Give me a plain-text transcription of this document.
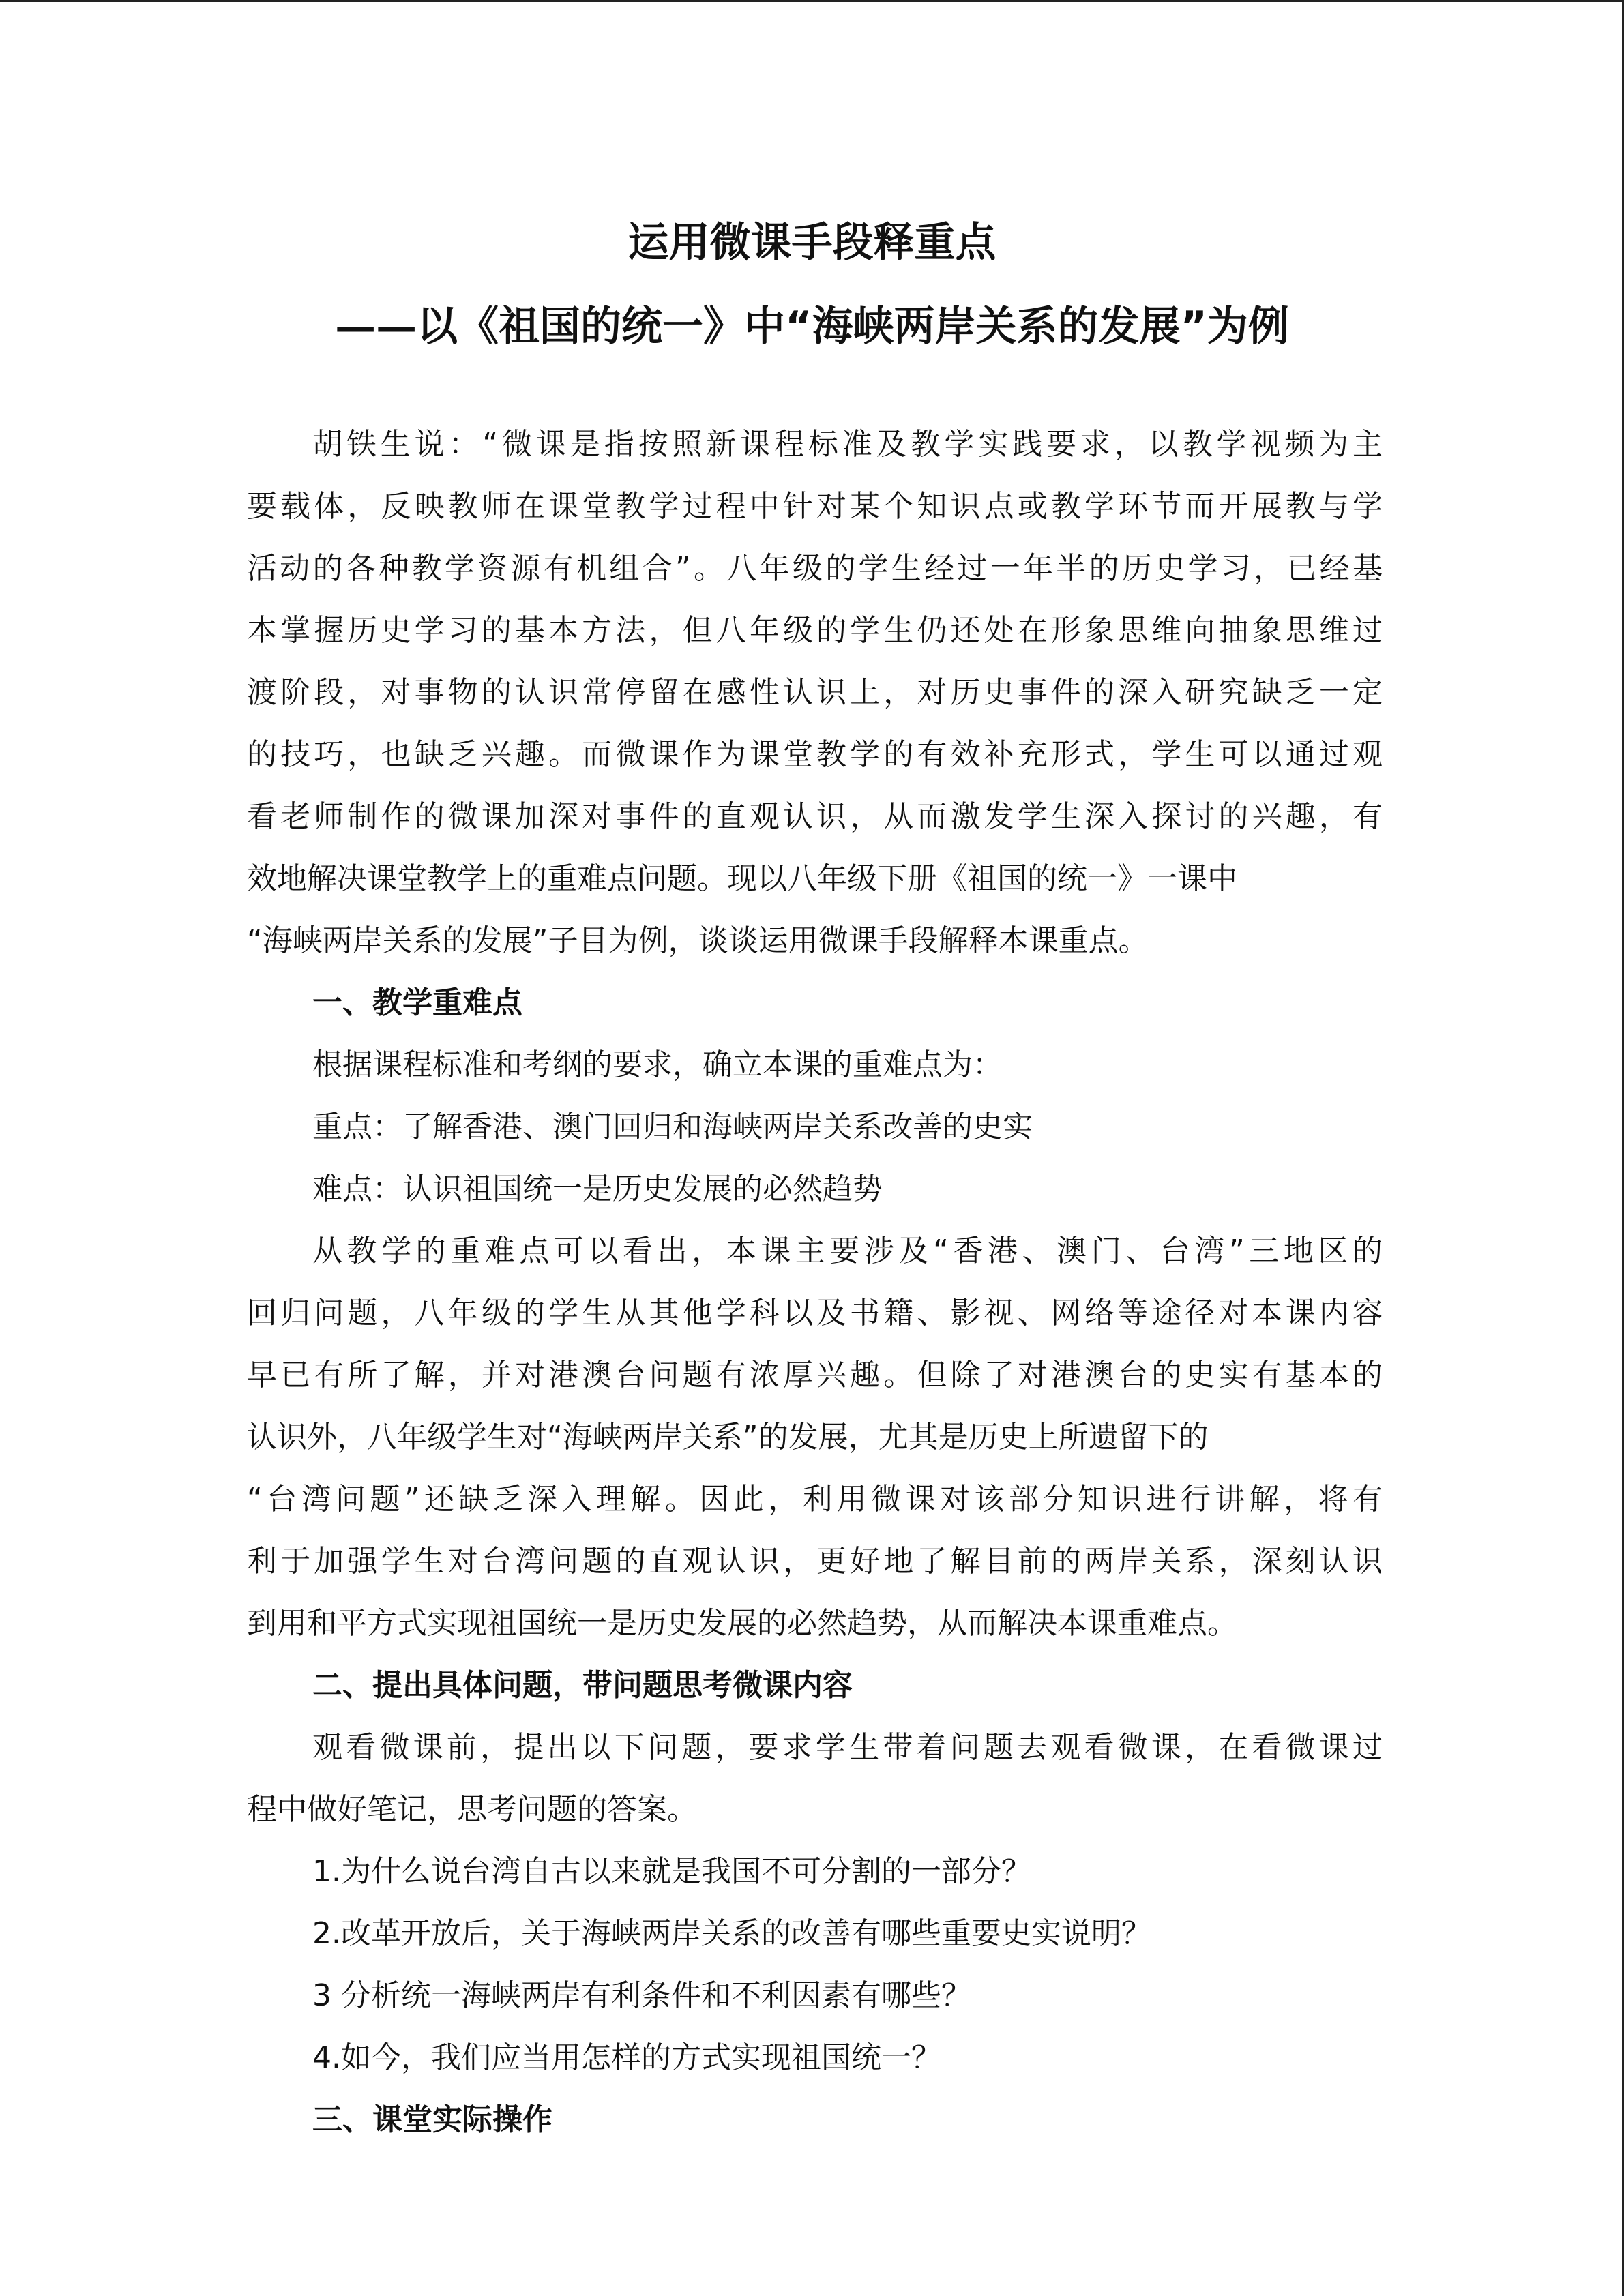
运用微课手段释重点
——以《祖国的统一》中“海峡两岸关系的发展”为例
胡铁生说：“微课是指按照新课程标准及教学实践要求，以教学视频为主
要载体，反映教师在课堂教学过程中针对某个知识点或教学环节而开展教与学
活动的各种教学资源有机组合”。八年级的学生经过一年半的历史学习，已经基
本掌握历史学习的基本方法，但八年级的学生仍还处在形象思维向抽象思维过
渡阶段，对事物的认识常停留在感性认识上，对历史事件的深入研究缺乏一定
的技巧，也缺乏兴趣。而微课作为课堂教学的有效补充形式，学生可以通过观
看老师制作的微课加深对事件的直观认识，从而激发学生深入探讨的兴趣，有
效地解决课堂教学上的重难点问题。现以八年级下册《祖国的统一》一课中
“海峡两岸关系的发展”子目为例，谈谈运用微课手段解释本课重点。
一、教学重难点
根据课程标准和考纲的要求，确立本课的重难点为：
重点：了解香港、澳门回归和海峡两岸关系改善的史实
难点：认识祖国统一是历史发展的必然趋势
从教学的重难点可以看出，本课主要涉及“香港、澳门、台湾”三地区的
回归问题，八年级的学生从其他学科以及书籍、影视、网络等途径对本课内容
早已有所了解，并对港澳台问题有浓厚兴趣。但除了对港澳台的史实有基本的
认识外，八年级学生对“海峡两岸关系”的发展，尤其是历史上所遗留下的
“台湾问题”还缺乏深入理解。因此，利用微课对该部分知识进行讲解，将有
利于加强学生对台湾问题的直观认识，更好地了解目前的两岸关系，深刻认识
到用和平方式实现祖国统一是历史发展的必然趋势，从而解决本课重难点。
二、提出具体问题，带问题思考微课内容
观看微课前，提出以下问题，要求学生带着问题去观看微课，在看微课过
程中做好笔记，思考问题的答案。
1.为什么说台湾自古以来就是我国不可分割的一部分？
2.改革开放后，关于海峡两岸关系的改善有哪些重要史实说明？
3 分析统一海峡两岸有利条件和不利因素有哪些？
4.如今，我们应当用怎样的方式实现祖国统一？
三、课堂实际操作
